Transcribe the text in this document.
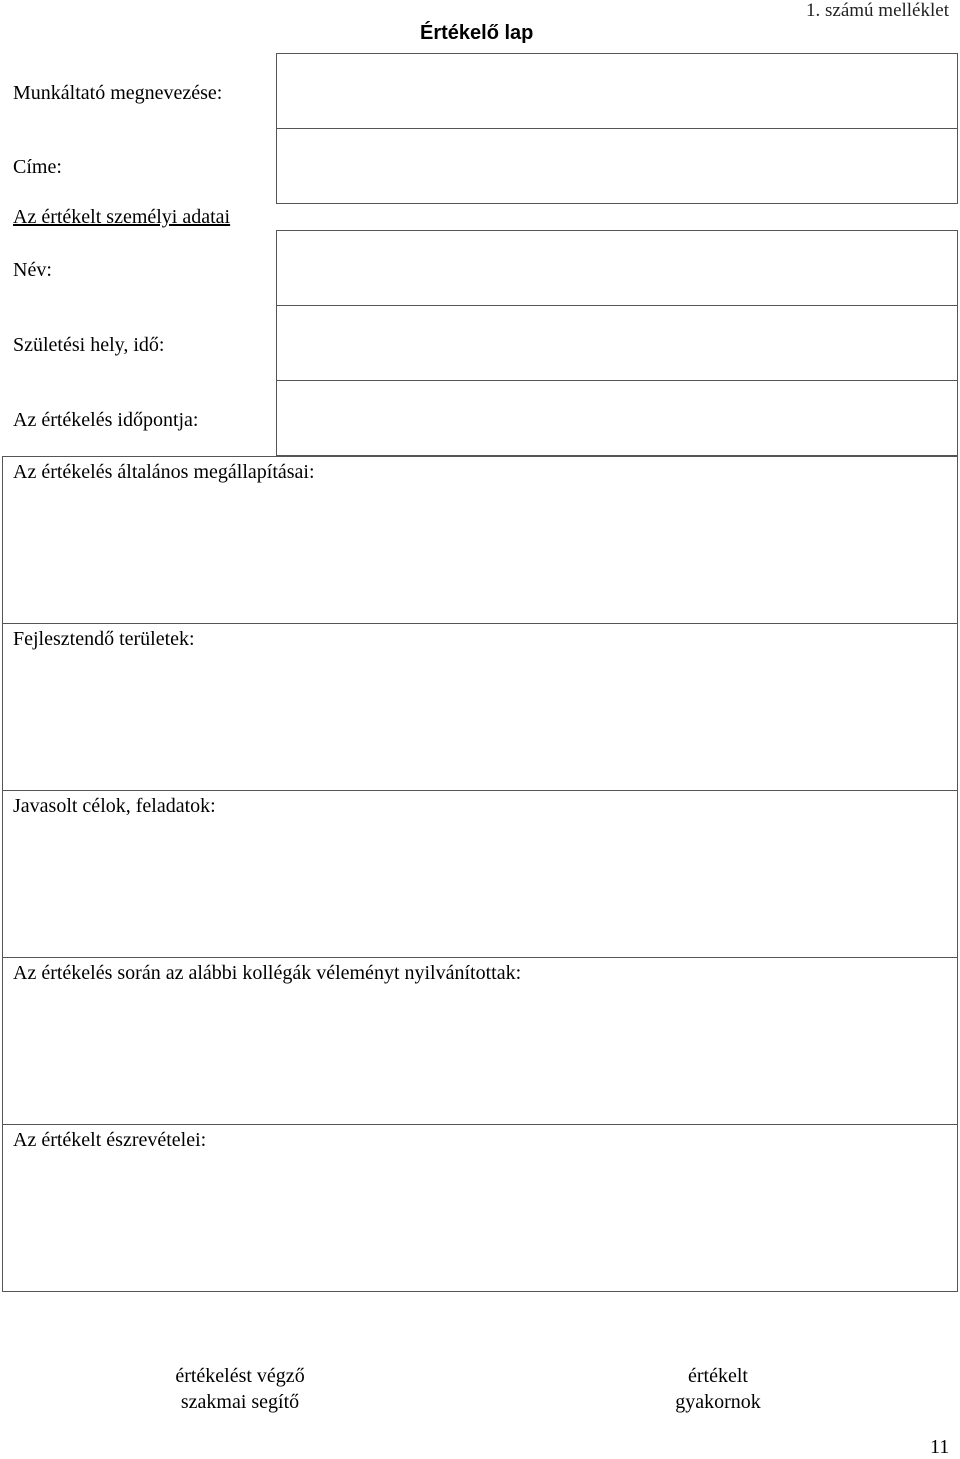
1. számú melléklet
Értékelő lap
Munkáltató megnevezése:
Címe:
Az értékelt személyi adatai
Név:
Születési hely, idő:
Az értékelés időpontja:
Az értékelés általános megállapításai:
Fejlesztendő területek:
Javasolt célok, feladatok:
Az értékelés során az alábbi kollégák véleményt nyilvánítottak:
Az értékelt észrevételei:
értékelést végző
szakmai segítő
értékelt
gyakornok
11
